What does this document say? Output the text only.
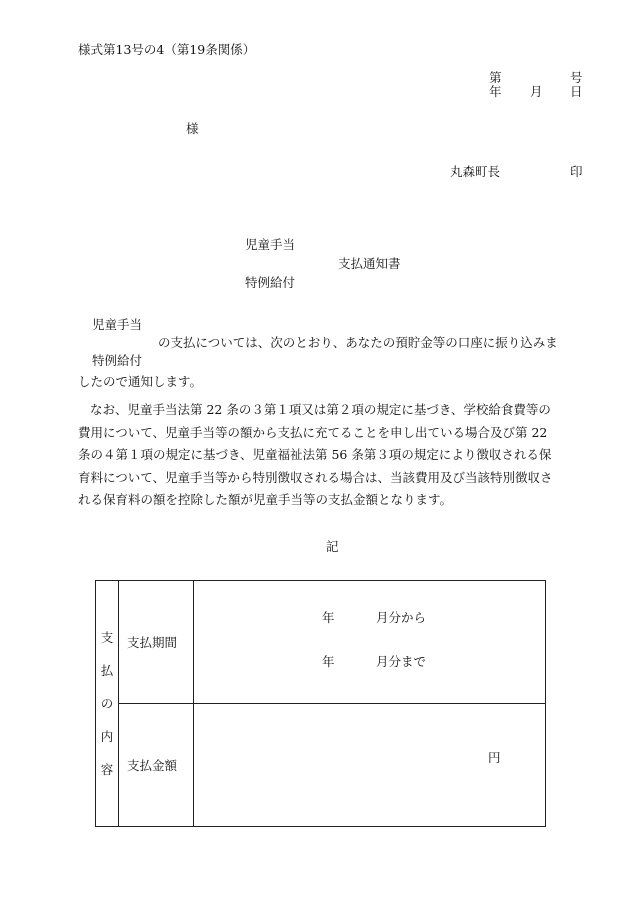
様式第13号の4（第19条関係）
第	号
年 月 日
様
丸森町長	印
児童手当
支払通知書
特例給付
児童手当
の支払については、次のとおり、あなたの預貯金等の口座に振り込みま
特例給付
したので通知します。
なお、児童手当法第 22 条の３第１項又は第２項の規定に基づき、学校給食費等の
費用について、児童手当等の額から支払に充てることを申し出ている場合及び第 22
条の４第１項の規定に基づき、児童福祉法第 56 条第３項の規定により徴収される保
育料について、児童手当等から特別徴収される場合は、当該費用及び当該特別徴収さ
れる保育料の額を控除した額が児童手当等の支払金額となります。
記
支
払
の
内
容	支払期間	年 月分から
年 月分まで

	支払金額	円
